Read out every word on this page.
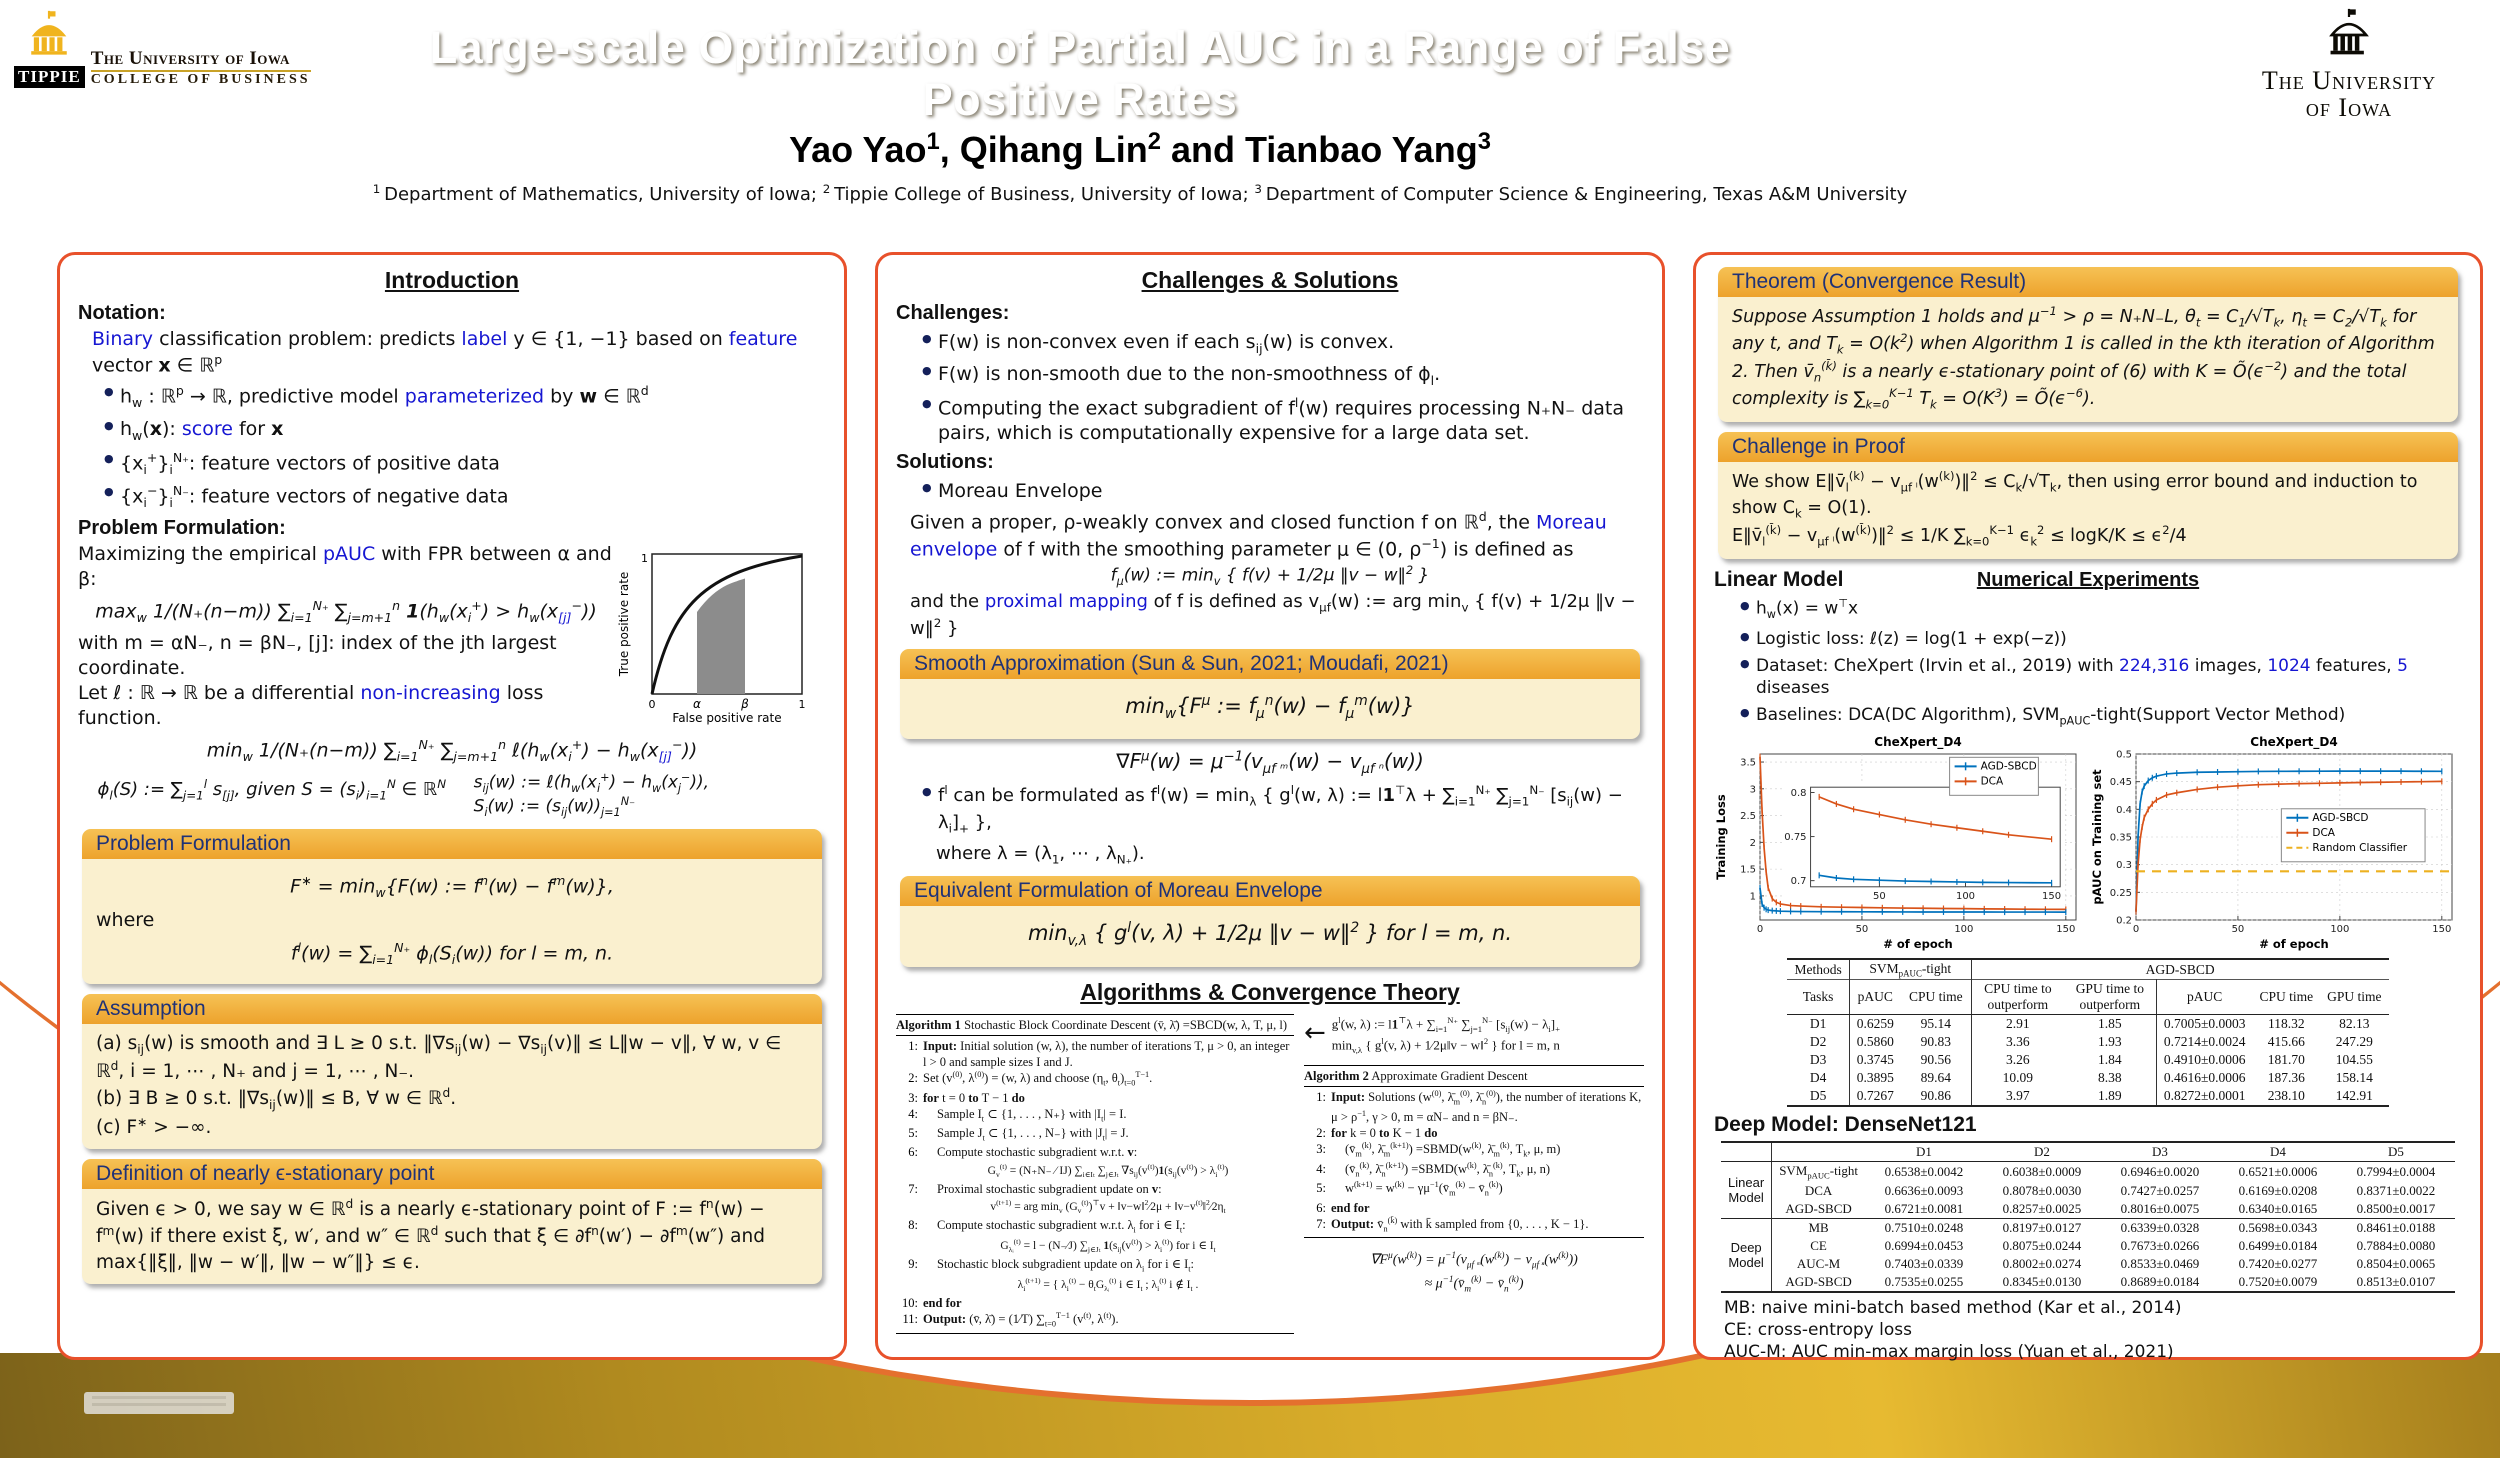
Large-scale Optimization of Partial AUC in a Range of False Positive Rates
TIPPIE
The University of Iowa
COLLEGE OF BUSINESS	The University
of Iowa
Yao Yao$^1$, Qihang Lin$^2$ and Tianbao Yang$^3$
$^1$ Department of Mathematics, University of Iowa; $^2$ Tippie College of Business, University of Iowa; $^3$ Department of Computer Science & Engineering, Texas A&M University
Introduction
Notation:
Binary classification problem: predicts label y ∈ {1, −1} based on feature vector x ∈ ℝ$^p$
● $h_w$ : ℝ$^p$ → ℝ, predictive model parameterized by w ∈ ℝ$^d$
● $h_w(x)$: score for x
● $\{x_i^+\}_i^{N_+}$: feature vectors of positive data
● $\{x_i^-\}_i^{N_-}$: feature vectors of negative data
Problem Formulation:
Maximizing the empirical pAUC with FPR between α and β:
$\max_w$ 1∕(N₊(n−m)) $\sum_{i=1}^{N_+}$ $\sum_{j=m+1}^n$ $1(h_w(x_i^+) > h_w(x_{[j]}^-))$
with m = αN₋, n = βN₋, [j]: index of the jth largest coordinate.
Let ℓ : ℝ → ℝ be a differential non-increasing loss function.
1
0	α	β	1
True positive rate
False positive rate
$\min_w$ 1∕(N₊(n−m)) $\sum_{i=1}^{N_+}$ $\sum_{j=m+1}^n$ $\ell(h_w(x_i^+) - h_w(x_{[j]}^-))$
$\phi_l(S)$ := $\sum_{j=1}^l$ $s_{[j]}$, given $S = (s_i)_{i=1}^N$ ∈ ℝ$^N$	$s_{ij}(w)$ := $\ell(h_w(x_i^+) - h_w(x_j^-))$,
$S_i(w)$ := $(s_{ij}(w))_{j=1}^{N_-}$
Problem Formulation
$F^∗ = \min_w\{F(w)$ := $f^n(w) - f^m(w)$},
where
$f^l(w) = \sum_{i=1}^{N_+}$ $\phi_l(S_i(w))$ for l = m, n.
Assumption
(a) $s_{ij}(w)$ is smooth and ∃ L ≥ 0 s.t. $‖\nabla s_{ij}(w)$ − $\nabla s_{ij}(v)‖$ ≤ L‖w − v‖, ∀ w, v ∈ ℝ$^d$, i = 1, ⋯ , N₊ and j = 1, ⋯ , N₋.
(b) ∃ B ≥ 0 s.t. $‖\nabla s_{ij}(w)‖ \le B$, ∀ w ∈ ℝ$^d$.
(c) F∗ > −∞.
Definition of nearly ϵ-stationary point
Given ϵ > 0, we say w ∈ ℝ$^d$ is a nearly ϵ-stationary point of F := $f^n(w) - f^m(w)$ if there exist ξ, w′, and w″ ∈ ℝ$^d$ such that ξ ∈ $\partial f^n(w') - \partial f^m(w'')$ and max{‖ξ‖, ‖w − w′‖, ‖w − w″‖} ≤ ϵ.
Challenges & Solutions
Challenges:
● F(w) is non-convex even if each $s_{ij}(w)$ is convex.
● F(w) is non-smooth due to the non-smoothness of $\phi_l$.
● Computing the exact subgradient of $f^l(w)$ requires processing N₊N₋ data pairs, which is computationally expensive for a large data set.
Solutions:
● Moreau Envelope
Given a proper, ρ-weakly convex and closed function f on ℝ$^d$, the Moreau envelope of f with the smoothing parameter μ ∈ (0, $\rho^{-1}$) is defined as
$f_\mu(w)$ := $\min_v$ { f(v) + 1∕2μ ‖v − w‖$^2$ }
and the proximal mapping of f is defined as $v_{\mu f}(w)$ := arg $\min_v$ { f(v) + 1∕2μ ‖v − w‖$^2$ }
Smooth Approximation (Sun & Sun, 2021; Moudafi, 2021)
$\min_w\{F^\mu$ := $f_\mu^n(w) - f_\mu^m(w)$}
$\nabla F^\mu(w) = \mu^{-1}(v_{\mu f ᵐ}(w) - v_{\mu f ^n}(w))$
● $f^l$ can be formulated as $f^l(w) = \min_\lambda$ { $g^l(w$, λ) := $l1^⊤\lambda + \sum_{i=1}^{N_+}$ $\sum_{j=1}^{N_-}$ $[s_{ij}(w) - \lambda_i]_+$ },
where $\lambda = (\lambda_1$, ⋯ , $\lambda_{N_+}$).
Equivalent Formulation of Moreau Envelope
$\min_{v,\lambda}$ { $g^l(v$, λ) + 1∕2μ ‖v − w‖$^2$ } for l = m, n.
Algorithms & Convergence Theory
Algorithm 1 Stochastic Block Coordinate Descent (v̄, λ̄) =SBCD(w, λ, T, μ, l)
1: Input: Initial solution (w, λ), the number of iterations T, μ > 0, an integer l > 0 and sample sizes I and J.
2: Set ($v^{(0)}$, $\lambda^{(0)}) = (w$, λ) and choose ($\eta_t$, $\theta_t)_{t=0}^{T-1}$.
3: for t = 0 to T − 1 do
4:	Sample $I_t$ ⊂ {1, . . . , N₊} with $|I_t| = I$.
5:	Sample $J_t$ ⊂ {1, . . . , N₋} with $|J_t| = J$.
6:	Compute stochastic subgradient w.r.t. v:
$G_v^{(t)} = (N_+N_-$ ∕ IJ) $\sum_{i\in I_t}$ $\sum_{j\in J_t}$ $\nabla s_{ij}(v^{(t)})1(s_{ij}(v^{(t)}) > \lambda_i^{(t)})$
7:	Proximal stochastic subgradient update on v:
$v^{(t+1)}$ = arg $\min_v (G_v^{(t)})^⊤v$ + ‖v−w‖$^2$∕2μ + $‖v-v^{(t)}‖^2∕2\eta_t$
8:	Compute stochastic subgradient w.r.t. $\lambda_i$ for i ∈ $I_t$:
$G_{\lambda ᵢ}^{(t)} = l$ − (N₋∕J) $\sum_{j\in J_t}$ $1(s_{ij}(v^{(t)}) > \lambda_i^{(t)})$ for i ∈ $I_t$
9:	Stochastic block subgradient update on $\lambda_i$ for i ∈ $I_t$:
$\lambda_i^{(t+1)}$ = { $\lambda_i^{(t)} - \theta_tG_{\lambda ᵢ}^{(t)}$ i ∈ $I_t$ ; $\lambda_i^{(t)}$ i ∉ $I_t$ .
10: end for
11: Output: (v̄, λ̄) = (1∕T) $\sum_{t=0}^{T-1}$ ($v^{(t)}$, $\lambda^{(t)}$).
← $g^l(w$, λ) := $l1^⊤\lambda + \sum_{i=1}^{N_+}$ $\sum_{j=1}^{N_-}$ $[s_{ij}(w) - \lambda_i]_+$
$\min_{v,\lambda}$ { $g^l(v$, λ) + 1∕2μ‖v − w‖$^2$ } for l = m, n
Algorithm 2 Approximate Gradient Descent
1: Input: Solutions ($w^{(0)}$, $\lambdā_m^{(0)}$, $\lambdā_n^{(0)}$), the number of iterations K, $\mu > \rho^{-1}$, γ > 0, m = αN₋ and n = βN₋.
2: for k = 0 to K − 1 do
3:	($v̄_m^{(k)}$, $\lambdā_m^{(k+1)}$) $=SBMD(w^{(k)}$, $\lambdā_m^{(k)}$, $T_k$, μ, m)
4:	($v̄_n^{(k)}$, $\lambdā_n^{(k+1)}$) $=SBMD(w^{(k)}$, $\lambdā_n^{(k)}$, $T_k$, μ, n)
5:	$w^{(k+1)} = w^{(k)}$ − $\gamma\mu^{-1}(v̄_m^{(k)}$ − $v̄_n^{(k)}$)
6: end for
7: Output: $v̄_n^{(k̄)}$ with k̄ sampled from {0, . . . , K − 1}.
$\nabla F^\mu(w^{(k)}) = \mu^{-1}(v_{\mu f ᵐ}(w^{(k)}) - v_{\mu f ^n}(w^{(k)}))$
≈ $\mu^{-1}(v̄_m^{(k)}$ − $v̄_n^{(k)}$)
Theorem (Convergence Result)
Suppose Assumption 1 holds and $\mu^{-1} > \rho = N_+N_-L$, $\theta_t$ = $C_1∕√T_k$, $\eta_t$ = $C_2∕√T_k$ for any t, and $T_k = O(k^2)$ when Algorithm 1 is called in the kth iteration of Algorithm 2. Then $v̄_n^{(k̄)}$ is a nearly ϵ-stationary point of (6) with $K = Õ(\epsilon^{-2})$ and the total complexity is $\sum_{k=0}^{K-1}$ $T_k = O(K^3)$ = $Õ(\epsilon^{-6})$.
Challenge in Proof
We show $E‖v̄_l^{(k)}$ − $v_{\mu f ˡ}(w^{(k)})‖^2$ ≤ $C_k∕√T_k$, then using error bound and induction to show $C_k = O(1)$.
$E‖v̄_l^{(k̄)}$ − $v_{\mu f ˡ}(w^{(k̄)})‖^2$ ≤ 1∕K $\sum_{k=0}^{K-1}$ $\epsilon_k^2$ ≤ logK∕K ≤ $\epsilon^2∕4$
Numerical Experiments
Linear Model
● $h_w(x) = w^⊤x$
● Logistic loss: ℓ(z) = log(1 + exp(−z))
● Dataset: CheXpert (Irvin et al., 2019) with 224,316 images, 1024 features, 5 diseases
● Baselines: DCA(DC Algorithm), $SVM_{pAUC}-tight(Support$ Vector Method)
1
1.5
2
2.5
3
3.5
0	50	100	150
0.7
0.75
0.8
50	100	150
CheXpert_D4
# of epoch
Training Loss
AGD-SBCD
DCA
0.2
0.25
0.3
0.35
0.4
0.45
0.5
0	50	100	150
CheXpert_D4
# of epoch
pAUC on Training set	AGD-SBCD
DCA
Random Classifier
Methods	$SVM_{pAUC}$-tight		AGD-SBCD				
Tasks	pAUC	CPU time	CPU time to outperform	GPU time to outperform	pAUC	CPU time	GPU time
D1	0.6259	95.14	2.91	1.85	0.7005±0.0003	118.32	82.13
D2	0.5860	90.83	3.36	1.93	0.7214±0.0024	415.66	247.29
D3	0.3745	90.56	3.26	1.84	0.4910±0.0006	181.70	104.55
D4	0.3895	89.64	10.09	8.38	0.4616±0.0006	187.36	158.14
D5	0.7267	90.86	3.97	1.89	0.8272±0.0001	238.10	142.91
Deep Model: DenseNet121
		D1	D2	D3	D4	D5
Linear
Model	$SVM_{pAUC}$-tight	0.6538±0.0042	0.6038±0.0009	0.6946±0.0020	0.6521±0.0006	0.7994±0.0004
	DCA	0.6636±0.0093	0.8078±0.0030	0.7427±0.0257	0.6169±0.0208	0.8371±0.0022
	AGD-SBCD	0.6721±0.0081	0.8257±0.0025	0.8016±0.0075	0.6340±0.0165	0.8500±0.0017
Deep
Model	MB	0.7510±0.0248	0.8197±0.0127	0.6339±0.0328	0.5698±0.0343	0.8461±0.0188
	CE	0.6994±0.0453	0.8075±0.0244	0.7673±0.0266	0.6499±0.0184	0.7884±0.0080
	AUC-M	0.7403±0.0339	0.8002±0.0274	0.8533±0.0469	0.7420±0.0277	0.8504±0.0065
	AGD-SBCD	0.7535±0.0255	0.8345±0.0130	0.8689±0.0184	0.7520±0.0079	0.8513±0.0107
MB: naive mini-batch based method (Kar et al., 2014)
CE: cross-entropy loss
AUC-M: AUC min-max margin loss (Yuan et al., 2021)
